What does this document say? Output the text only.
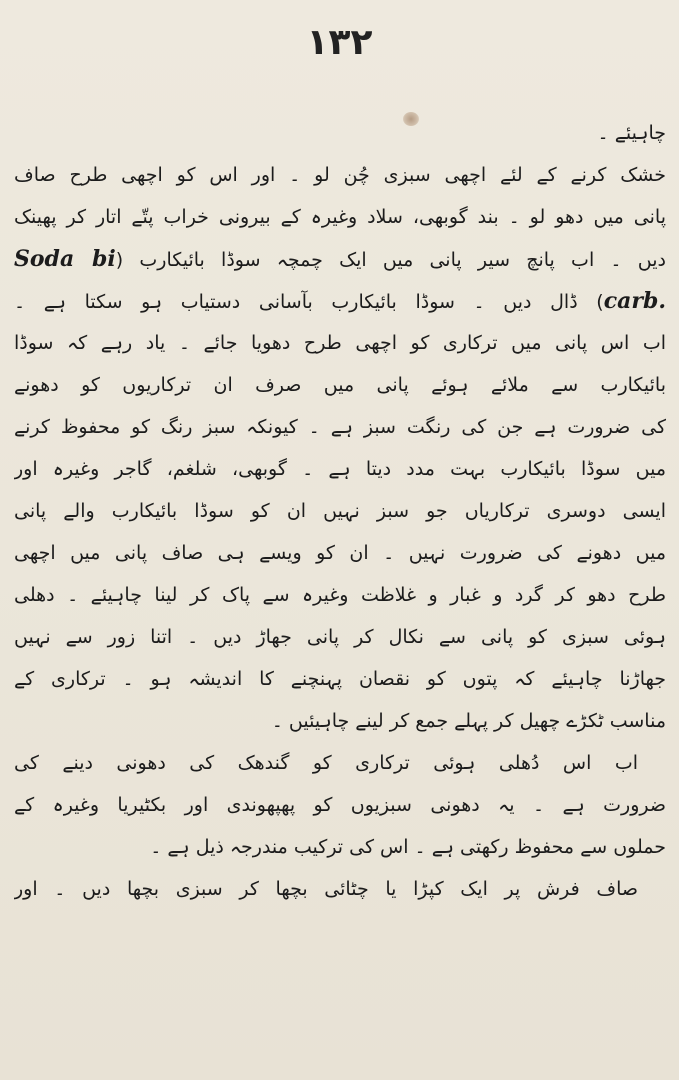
۱۳۲
چاہیئے ۔
خشک کرنے کے لئے اچھی سبزی چُن لو ۔ اور اس کو اچھی طرح صاف
پانی میں دھو لو ۔ بند گوبھی، سلاد وغیرہ کے بیرونی خراب پتّے اتار کر پھینک
دیں ۔ اب پانچ سیر پانی میں ایک چمچہ سوڈا بائیکارب (Soda bi
carb.) ڈال دیں ۔ سوڈا بائیکارب بآسانی دستیاب ہو سکتا ہے ۔
اب اس پانی میں ترکاری کو اچھی طرح دھویا جائے ۔ یاد رہے کہ سوڈا
بائیکارب سے ملائے ہوئے پانی میں صرف ان ترکاریوں کو دھونے
کی ضرورت ہے جن کی رنگت سبز ہے ۔ کیونکہ سبز رنگ کو محفوظ کرنے
میں سوڈا بائیکارب بہت مدد دیتا ہے ۔ گوبھی، شلغم، گاجر وغیرہ اور
ایسی دوسری ترکاریاں جو سبز نہیں ان کو سوڈا بائیکارب والے پانی
میں دھونے کی ضرورت نہیں ۔ ان کو ویسے ہی صاف پانی میں اچھی
طرح دھو کر گرد و غبار و غلاظت وغیرہ سے پاک کر لینا چاہیئے ۔ دھلی
ہوئی سبزی کو پانی سے نکال کر پانی جھاڑ دیں ۔ اتنا زور سے نہیں
جھاڑنا چاہیئے کہ پتوں کو نقصان پہنچنے کا اندیشہ ہو ۔ ترکاری کے
مناسب ٹکڑے چھیل کر پہلے جمع کر لینے چاہیئیں ۔
اب اس دُھلی ہوئی ترکاری کو گندھک کی دھونی دینے کی
ضرورت ہے ۔ یہ دھونی سبزیوں کو پھپھوندی اور بکٹیریا وغیرہ کے
حملوں سے محفوظ رکھتی ہے ۔ اس کی ترکیب مندرجہ ذیل ہے ۔
صاف فرش پر ایک کپڑا یا چٹائی بچھا کر سبزی بچھا دیں ۔ اور
